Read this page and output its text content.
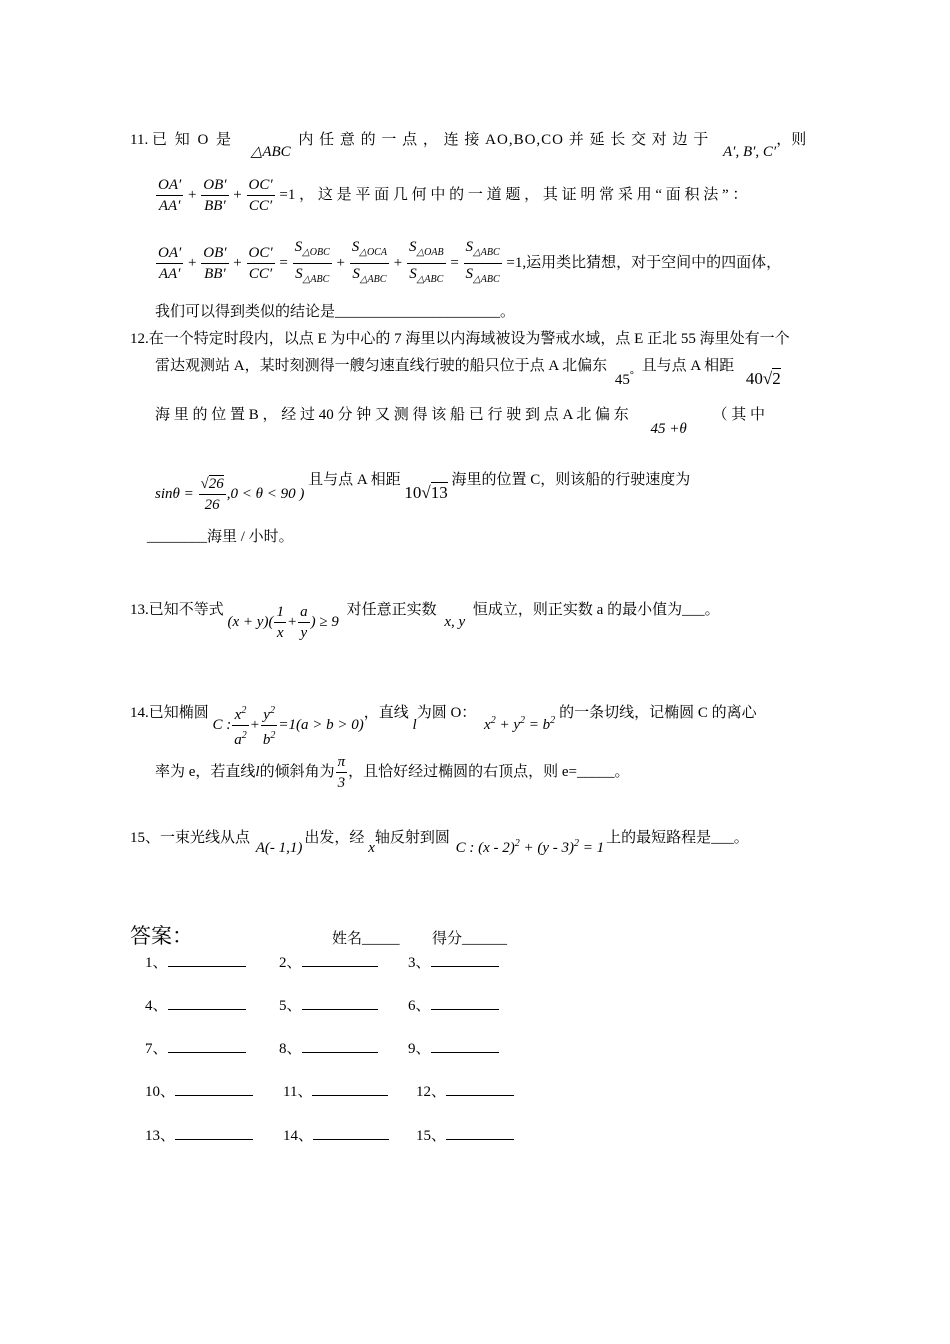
11. 已 知 O 是 △ABC 内 任 意 的 一 点 ， 连 接 AO,BO,CO 并 延 长 交 对 边 于 A′, B′, C′，则
$\frac{OA'}{AA'} + \frac{OB'}{BB'} + \frac{OC'}{CC'} =1$ ， 这 是 平 面 几 何 中 的 一 道 题 ， 其 证 明 常 采 用 “ 面 积 法 ” ：
$\frac{OA'}{AA'} + \frac{OB'}{BB'} + \frac{OC'}{CC'} = \frac{S_{\triangle OBC}}{S_{\triangle ABC}} + \frac{S_{\triangle OCA}}{S_{\triangle ABC}} + \frac{S_{\triangle OAB}}{S_{\triangle ABC}} = \frac{S_{\triangle ABC}}{S_{\triangle ABC}} =1$,运用类比猜想，对于空间中的四面体，
我们可以得到类似的结论是______________________。
12.在一个特定时段内，以点 E 为中心的 7 海里以内海域被设为警戒水域，点 E 正北 55 海里处有一个
雷达观测站 A，某时刻测得一艘匀速直线行驶的船只位于点 A 北偏东 45° 且与点 A 相距 40√2
海 里 的 位 置 B ， 经 过 40 分 钟 又 测 得 该 船 已 行 驶 到 点 A 北 偏 东 45 +θ （ 其 中
$\sin\theta = \frac{√26}{26} ,0 < \theta < 90$ ) 且与点 A 相距 10√13 海里的位置 C，则该船的行驶速度为
________海里 / 小时。
13.已知不等式 $(x + y)( \frac{1}{x} + \frac{a}{y}$ ) ≥ 9 对任意正实数 x, y 恒成立，则正实数 a 的最小值为___。
14.已知椭圆 C : $\frac{x^2}{a^2} + \frac{y^2}{b^2} =1(a > b > 0)$，直线 l为圆 O： $x^2 + y^2 = b^2$ 的一条切线，记椭圆 C 的离心
率为 e，若直线l的倾斜角为 $\frac{\pi}{3}$ ，且恰好经过椭圆的右顶点，则 e=_____。
15、一束光线从点 A(- 1,1)出发，经 x轴反射到圆 C : (x - 2)$^2$ + (y - 3)$^2$ = 1上的最短路程是___。
答案：	姓名_____ 得分______
1、	2、	3、
4、	5、	6、
7、	8、	9、
10、	11、	12、
13、	14、	15、
